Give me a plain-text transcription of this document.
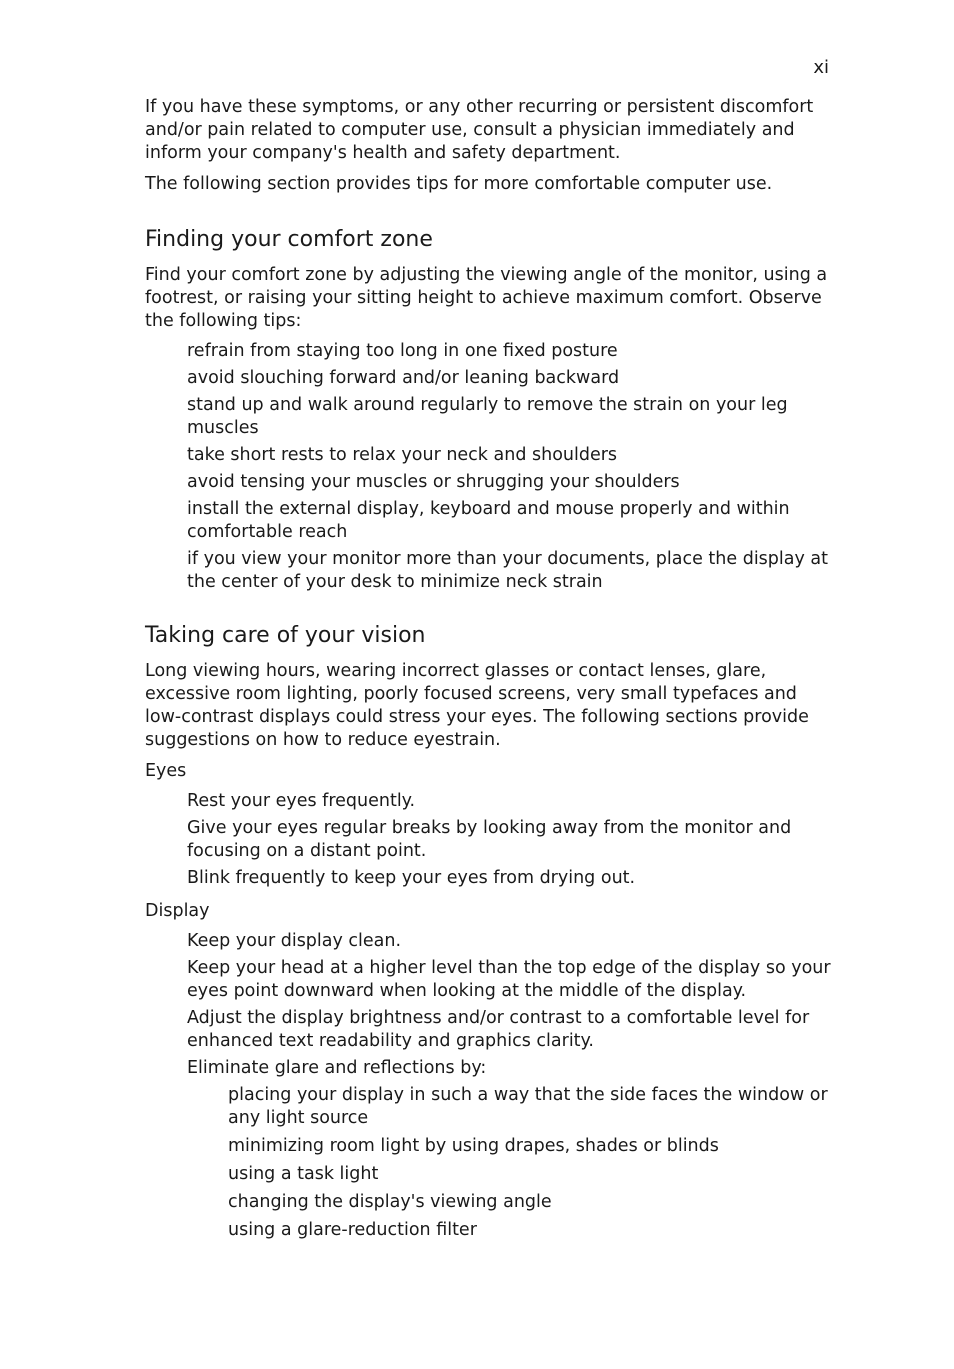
xi

If you have these symptoms, or any other recurring or persistent discomfort and/or pain related to computer use, consult a physician immediately and inform your company's health and safety department.

The following section provides tips for more comfortable computer use.

Finding your comfort zone

Find your comfort zone by adjusting the viewing angle of the monitor, using a footrest, or raising your sitting height to achieve maximum comfort. Observe the following tips:

refrain from staying too long in one fixed posture
avoid slouching forward and/or leaning backward
stand up and walk around regularly to remove the strain on your leg muscles
take short rests to relax your neck and shoulders
avoid tensing your muscles or shrugging your shoulders
install the external display, keyboard and mouse properly and within comfortable reach
if you view your monitor more than your documents, place the display at the center of your desk to minimize neck strain
Taking care of your vision

Long viewing hours, wearing incorrect glasses or contact lenses, glare, excessive room lighting, poorly focused screens, very small typefaces and low-contrast displays could stress your eyes. The following sections provide suggestions on how to reduce eyestrain.

Eyes

Rest your eyes frequently.
Give your eyes regular breaks by looking away from the monitor and focusing on a distant point.
Blink frequently to keep your eyes from drying out.

Display

Keep your display clean.
Keep your head at a higher level than the top edge of the display so your eyes point downward when looking at the middle of the display.
Adjust the display brightness and/or contrast to a comfortable level for enhanced text readability and graphics clarity.
Eliminate glare and reflections by:
placing your display in such a way that the side faces the window or any light source
minimizing room light by using drapes, shades or blinds
using a task light
changing the display's viewing angle
using a glare-reduction filter
